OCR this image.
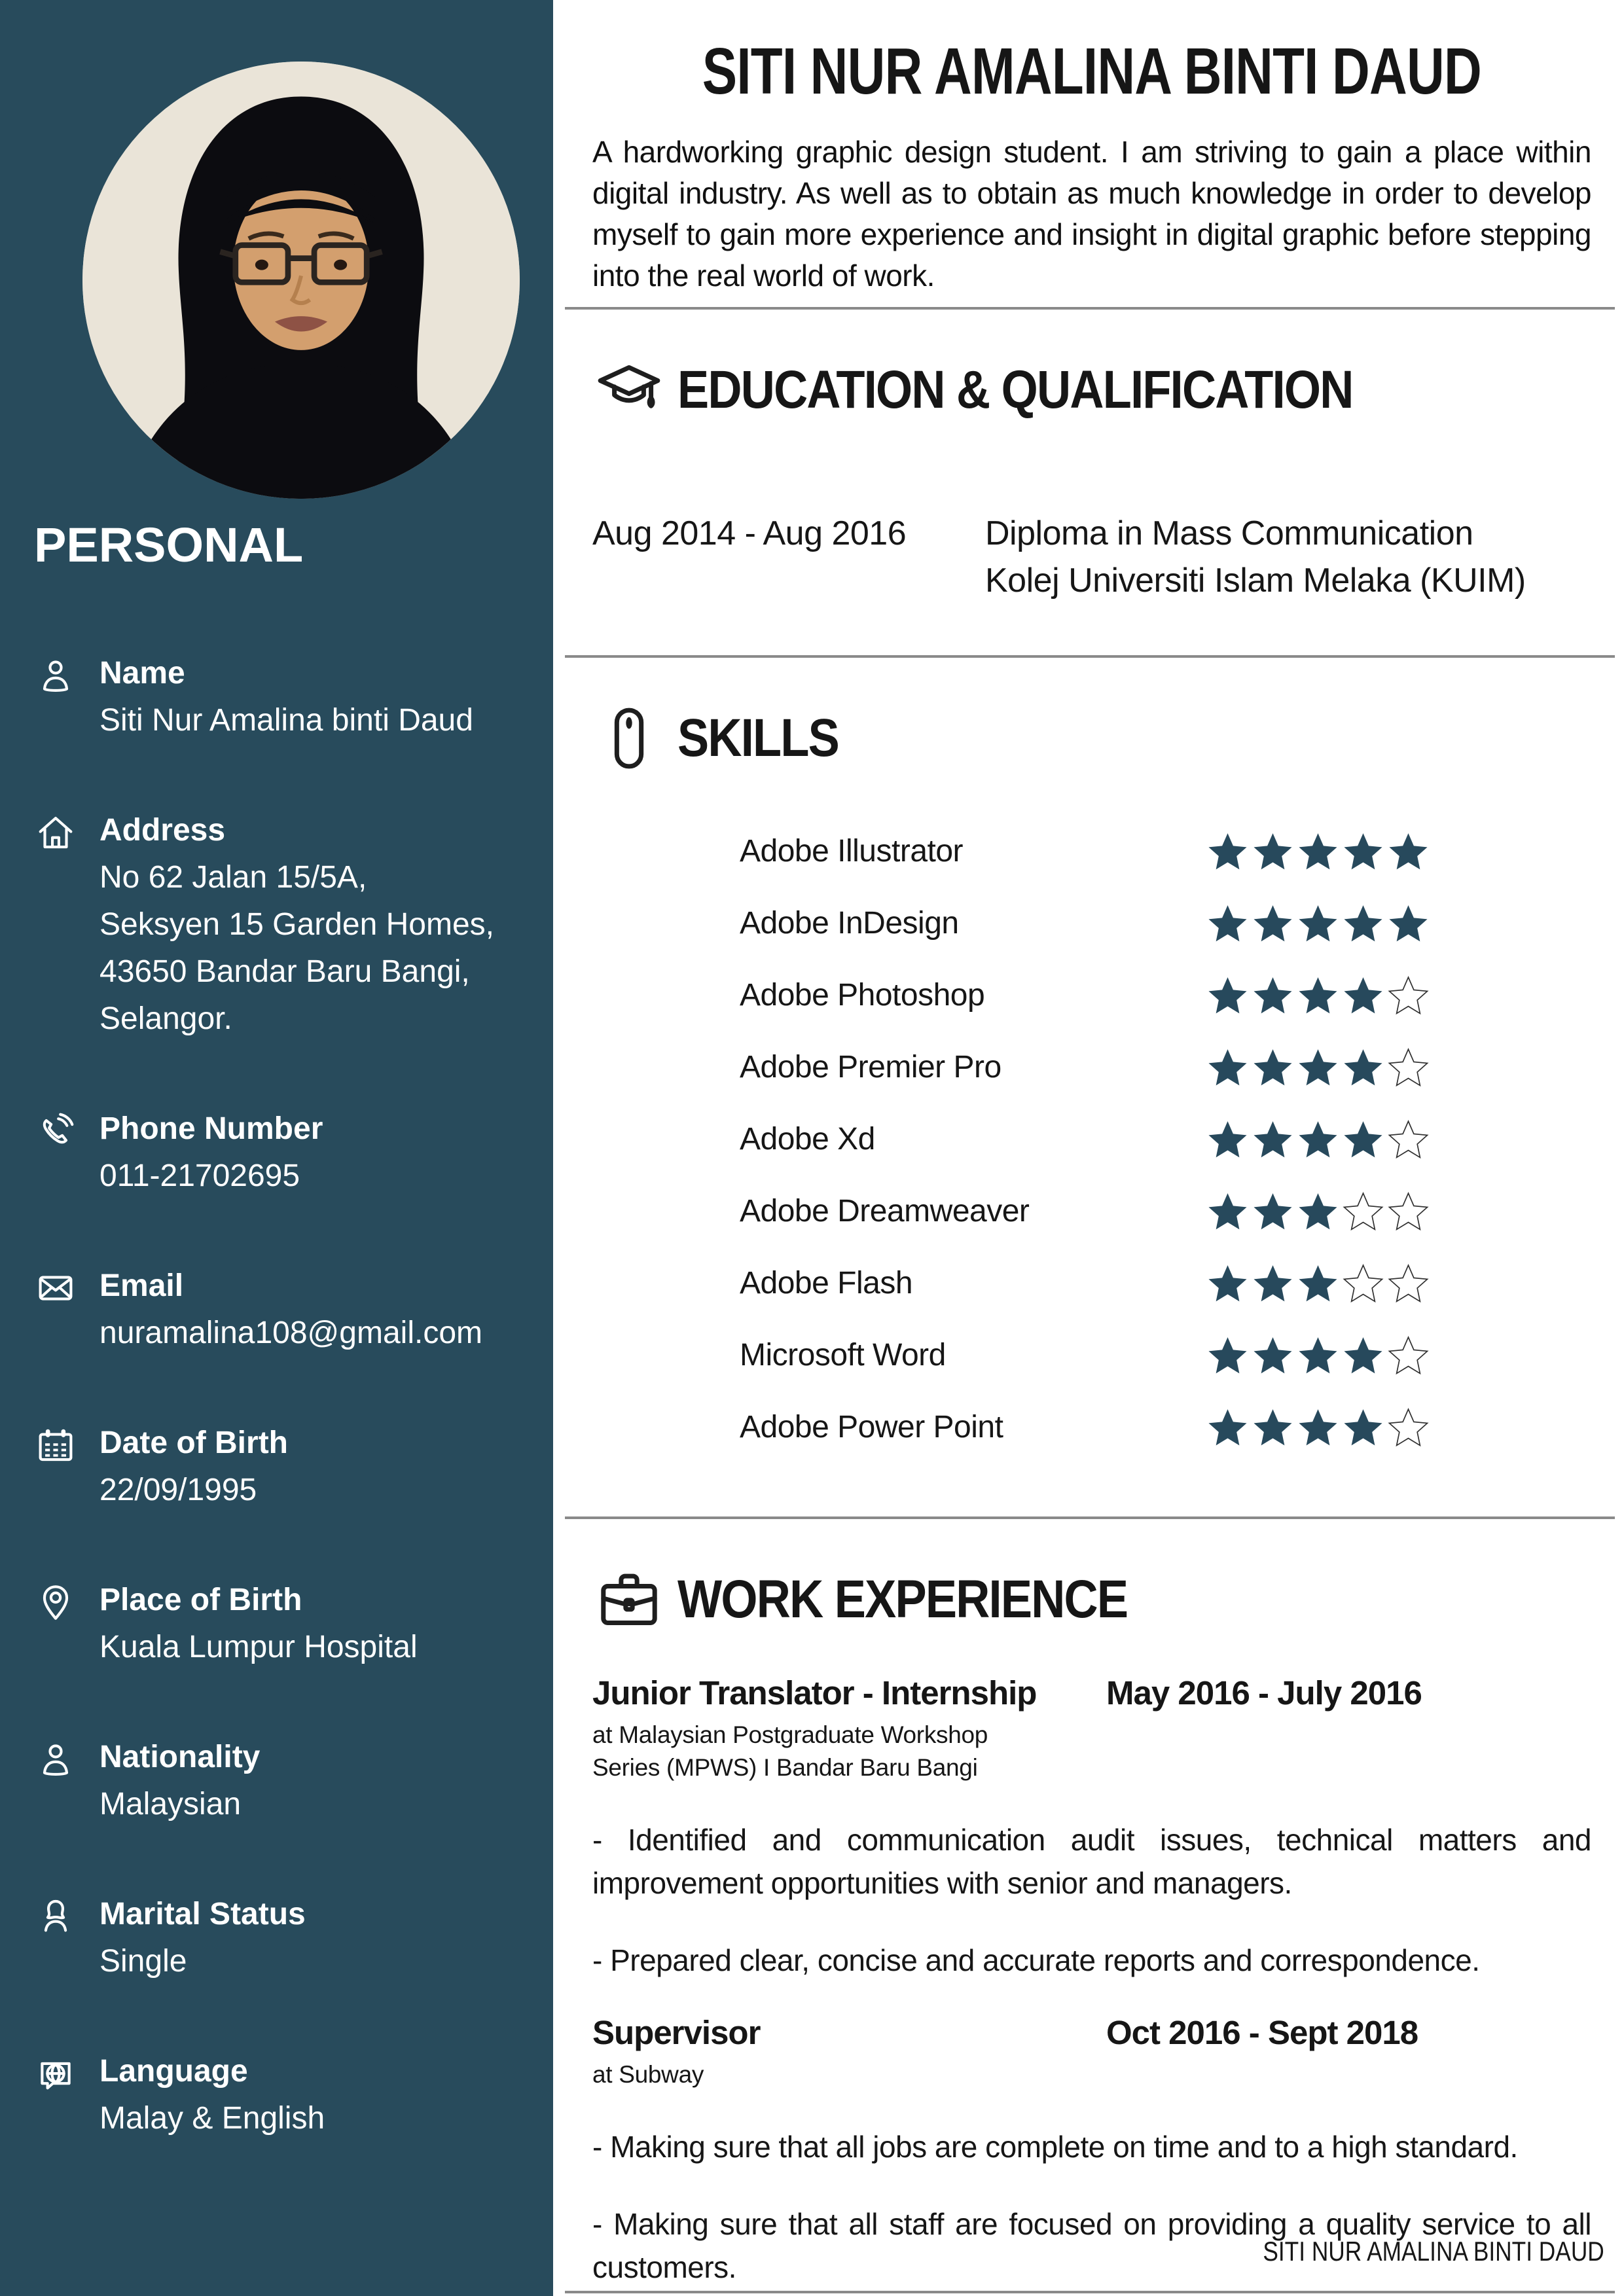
PERSONAL
Name
Siti Nur Amalina binti Daud
Address
No 62 Jalan 15/5A,
Seksyen 15 Garden Homes,
43650 Bandar Baru Bangi,
Selangor.
Phone Number
011-21702695
Email
nuramalina108@gmail.com
Date of Birth
22/09/1995
Place of Birth
Kuala Lumpur Hospital
Nationality
Malaysian
Marital Status
Single
Language
Malay & English
SITI NUR AMALINA BINTI DAUD

A hardworking graphic design student. I am striving to gain a place within digital industry. As well as to obtain as much knowledge in order to develop myself to gain more experience and insight in digital graphic before stepping into the real world of work.

EDUCATION & QUALIFICATION
Aug 2014 - Aug 2016	Diploma in Mass Communication
Kolej Universiti Islam Melaka (KUIM)
SKILLS
Adobe Illustrator
Adobe InDesign
Adobe Photoshop
Adobe Premier Pro
Adobe Xd
Adobe Dreamweaver
Adobe Flash
Microsoft Word
Adobe Power Point
WORK EXPERIENCE
Junior Translator - Internship	May 2016 - July 2016
at Malaysian Postgraduate Workshop
Series (MPWS) I Bandar Baru Bangi

- Identified and communication audit issues, technical matters and improvement opportunities with senior and managers.

- Prepared clear, concise and accurate reports and correspondence.

Supervisor	Oct 2016 - Sept 2018
at Subway

- Making sure that all jobs are complete on time and to a high standard.

- Making sure that all staff are focused on providing a quality service to all customers.	SITI NUR AMALINA BINTI DAUD
